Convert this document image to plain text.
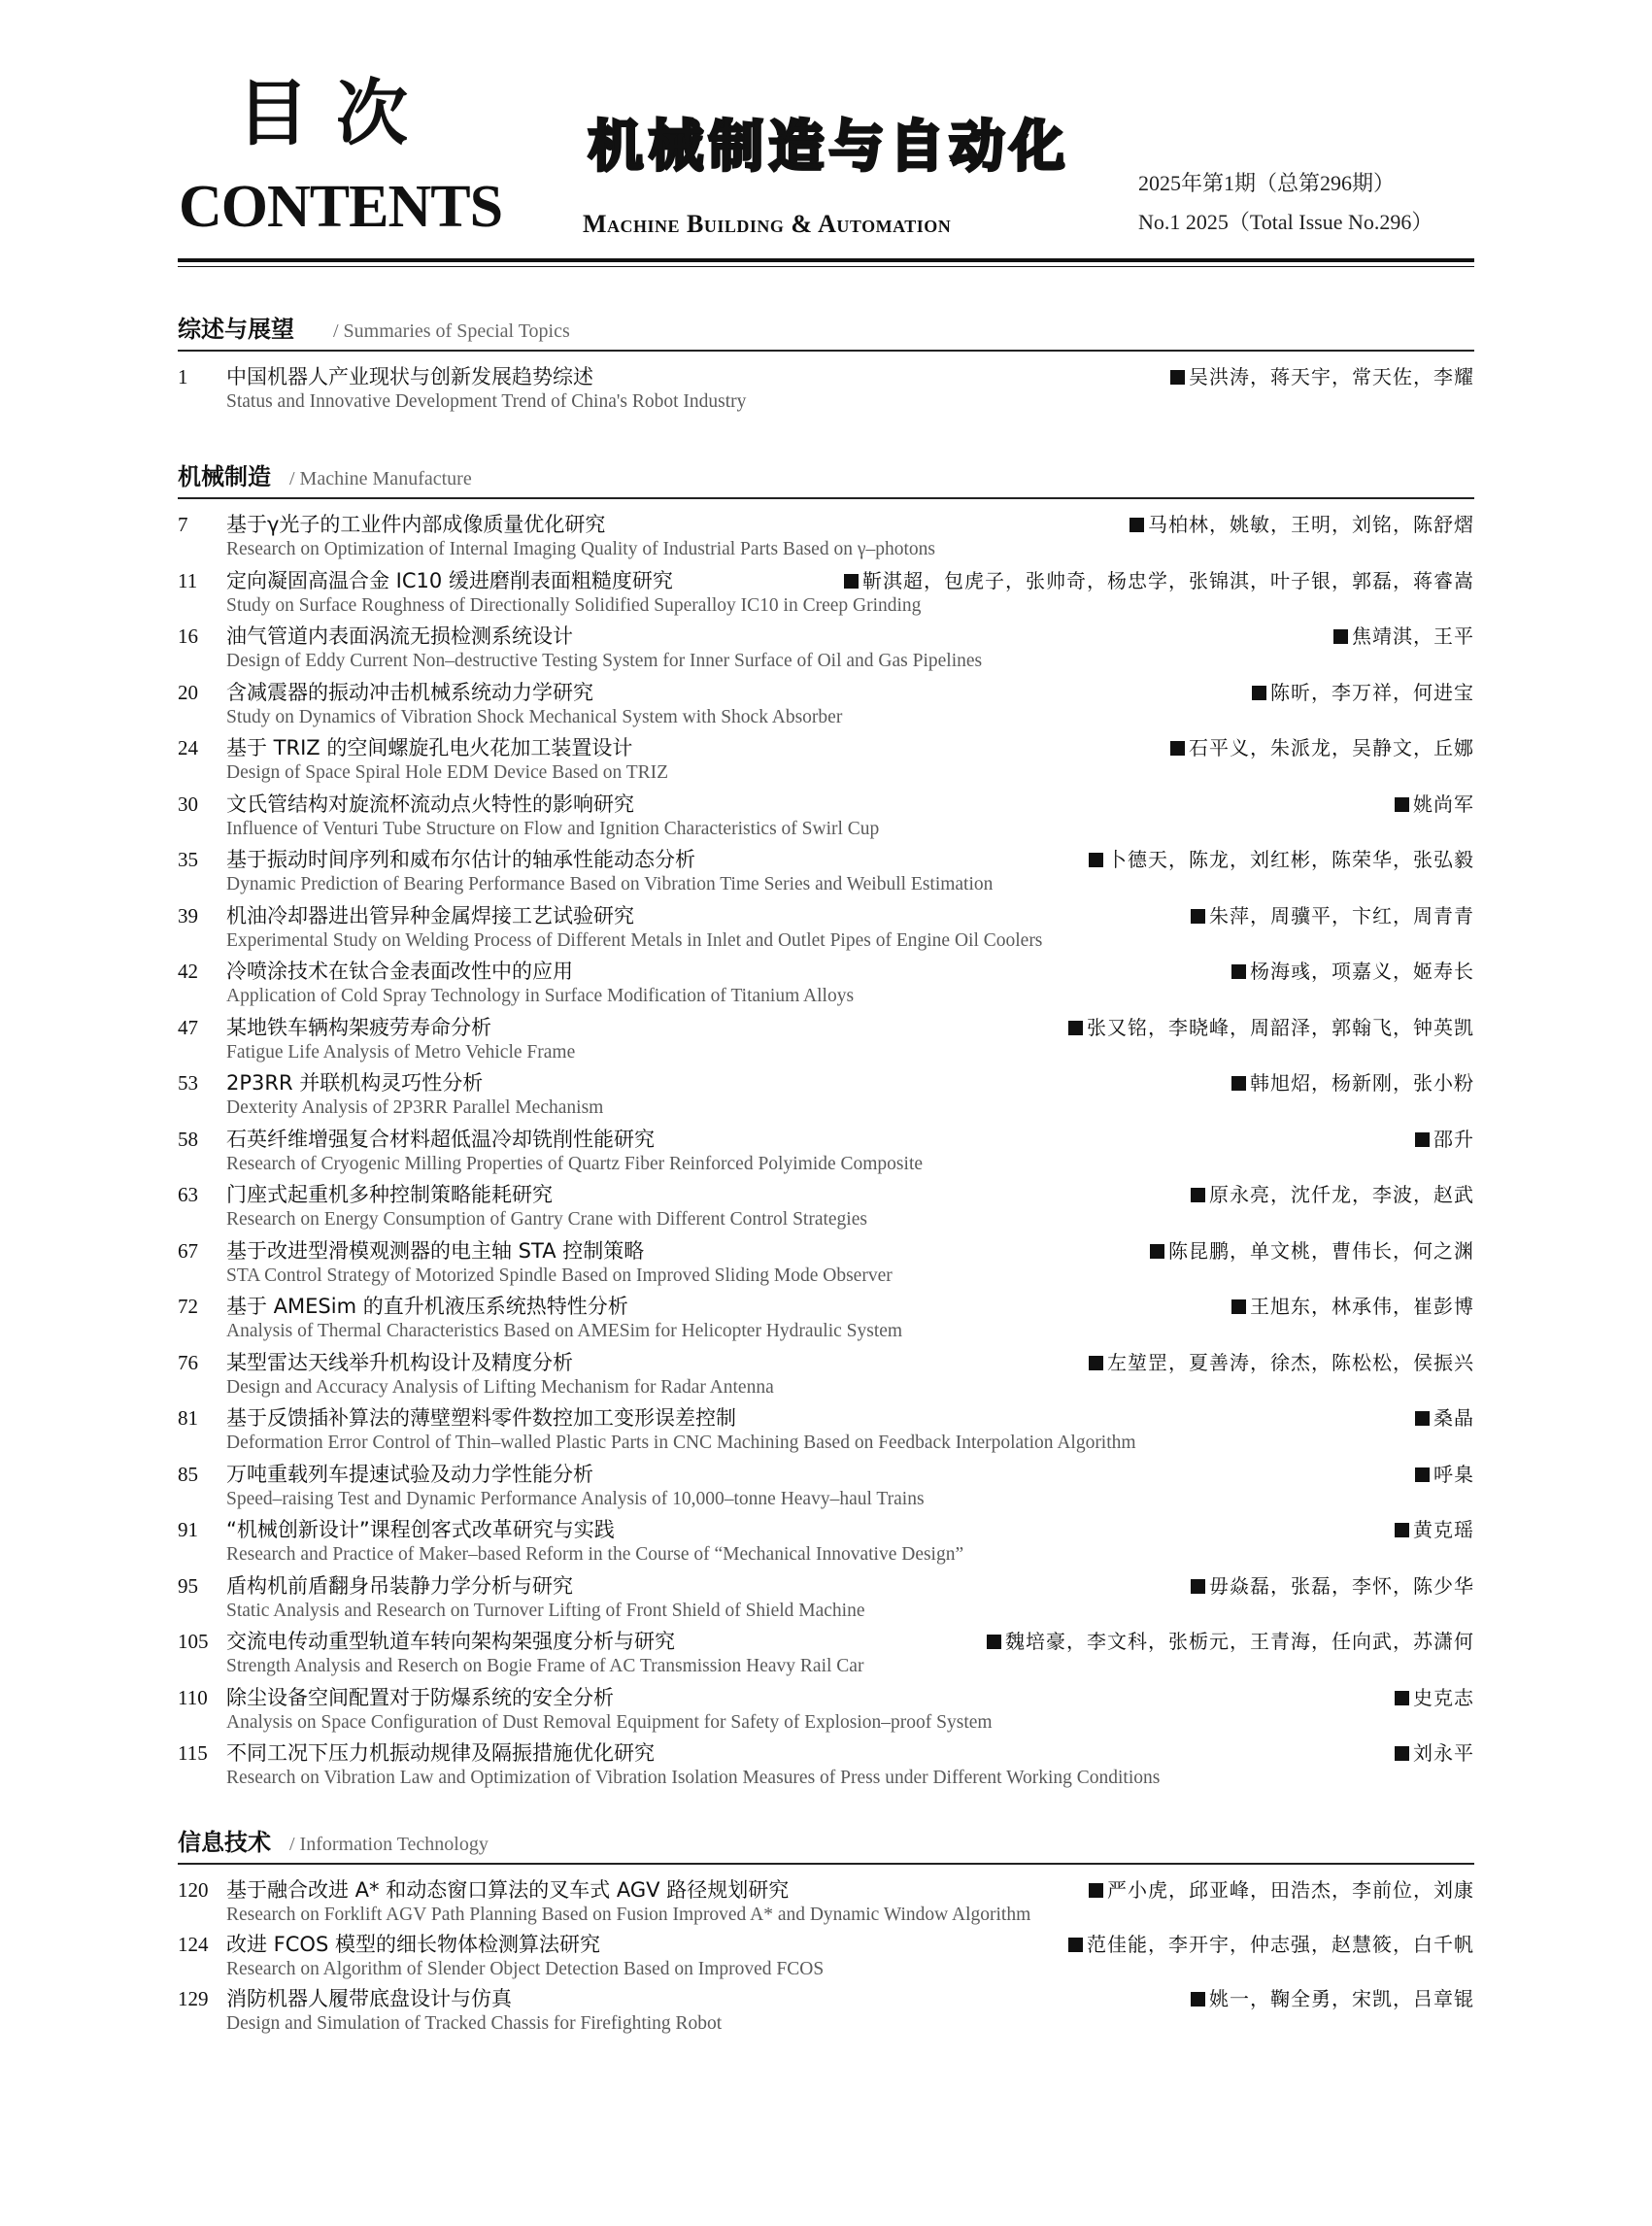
目次
CONTENTS
机械制造与自动化
Machine Building & Automation
2025年第1期（总第296期）
No.1 2025（Total Issue No.296）
综述与展望 / Summaries of Special Topics
1	中国机器人产业现状与创新发展趋势综述	吴洪涛，蒋天宇，常天佐，李耀
Status and Innovative Development Trend of China's Robot Industry
机械制造 / Machine Manufacture
7	基于γ光子的工业件内部成像质量优化研究	马柏林，姚敏，王明，刘铭，陈舒熠
Research on Optimization of Internal Imaging Quality of Industrial Parts Based on γ–photons
11	定向凝固高温合金 IC10 缓进磨削表面粗糙度研究	靳淇超，包虎子，张帅奇，杨忠学，张锦淇，叶子银，郭磊，蒋睿嵩
Study on Surface Roughness of Directionally Solidified Superalloy IC10 in Creep Grinding
16	油气管道内表面涡流无损检测系统设计	焦靖淇，王平
Design of Eddy Current Non–destructive Testing System for Inner Surface of Oil and Gas Pipelines
20	含减震器的振动冲击机械系统动力学研究	陈昕，李万祥，何进宝
Study on Dynamics of Vibration Shock Mechanical System with Shock Absorber
24	基于 TRIZ 的空间螺旋孔电火花加工装置设计	石平义，朱派龙，吴静文，丘娜
Design of Space Spiral Hole EDM Device Based on TRIZ
30	文氏管结构对旋流杯流动点火特性的影响研究	姚尚军
Influence of Venturi Tube Structure on Flow and Ignition Characteristics of Swirl Cup
35	基于振动时间序列和威布尔估计的轴承性能动态分析	卜德天，陈龙，刘红彬，陈荣华，张弘毅
Dynamic Prediction of Bearing Performance Based on Vibration Time Series and Weibull Estimation
39	机油冷却器进出管异种金属焊接工艺试验研究	朱萍，周骥平，卞红，周青青
Experimental Study on Welding Process of Different Metals in Inlet and Outlet Pipes of Engine Oil Coolers
42	冷喷涂技术在钛合金表面改性中的应用	杨海彧，项嘉义，姬寿长
Application of Cold Spray Technology in Surface Modification of Titanium Alloys
47	某地铁车辆构架疲劳寿命分析	张又铭，李晓峰，周韶泽，郭翰飞，钟英凯
Fatigue Life Analysis of Metro Vehicle Frame
53	2P3RR 并联机构灵巧性分析	韩旭炤，杨新刚，张小粉
Dexterity Analysis of 2P3RR Parallel Mechanism
58	石英纤维增强复合材料超低温冷却铣削性能研究	邵升
Research of Cryogenic Milling Properties of Quartz Fiber Reinforced Polyimide Composite
63	门座式起重机多种控制策略能耗研究	原永亮，沈仟龙，李波，赵武
Research on Energy Consumption of Gantry Crane with Different Control Strategies
67	基于改进型滑模观测器的电主轴 STA 控制策略	陈昆鹏，单文桃，曹伟长，何之渊
STA Control Strategy of Motorized Spindle Based on Improved Sliding Mode Observer
72	基于 AMESim 的直升机液压系统热特性分析	王旭东，林承伟，崔彭博
Analysis of Thermal Characteristics Based on AMESim for Helicopter Hydraulic System
76	某型雷达天线举升机构设计及精度分析	左堃罡，夏善涛，徐杰，陈松松，侯振兴
Design and Accuracy Analysis of Lifting Mechanism for Radar Antenna
81	基于反馈插补算法的薄壁塑料零件数控加工变形误差控制	桑晶
Deformation Error Control of Thin–walled Plastic Parts in CNC Machining Based on Feedback Interpolation Algorithm
85	万吨重载列车提速试验及动力学性能分析	呼臬
Speed–raising Test and Dynamic Performance Analysis of 10,000–tonne Heavy–haul Trains
91	“机械创新设计”课程创客式改革研究与实践	黄克瑶
Research and Practice of Maker–based Reform in the Course of “Mechanical Innovative Design”
95	盾构机前盾翻身吊装静力学分析与研究	毋焱磊，张磊，李怀，陈少华
Static Analysis and Research on Turnover Lifting of Front Shield of Shield Machine
105 交流电传动重型轨道车转向架构架强度分析与研究	魏培豪，李文科，张栃元，王青海，任向武，苏潇何
Strength Analysis and Reserch on Bogie Frame of AC Transmission Heavy Rail Car
110 除尘设备空间配置对于防爆系统的安全分析	史克志
Analysis on Space Configuration of Dust Removal Equipment for Safety of Explosion–proof System
115 不同工况下压力机振动规律及隔振措施优化研究	刘永平
Research on Vibration Law and Optimization of Vibration Isolation Measures of Press under Different Working Conditions
信息技术 / Information Technology
120 基于融合改进 A* 和动态窗口算法的叉车式 AGV 路径规划研究	严小虎，邱亚峰，田浩杰，李前位，刘康
Research on Forklift AGV Path Planning Based on Fusion Improved A* and Dynamic Window Algorithm
124 改进 FCOS 模型的细长物体检测算法研究	范佳能，李开宇，仲志强，赵慧筱，白千帆
Research on Algorithm of Slender Object Detection Based on Improved FCOS
129 消防机器人履带底盘设计与仿真	姚一，鞠全勇，宋凯，吕章锟
Design and Simulation of Tracked Chassis for Firefighting Robot
